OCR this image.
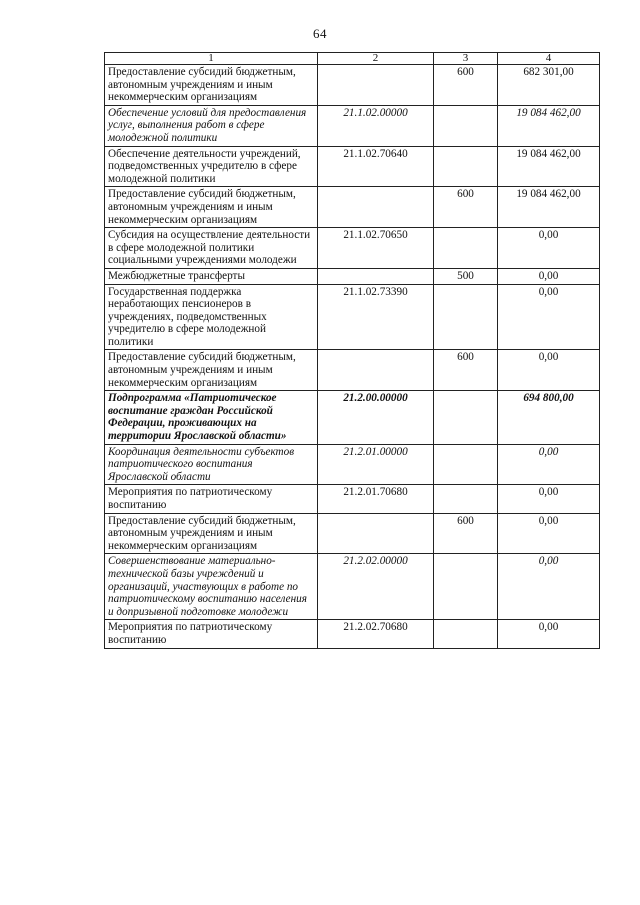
64
1	2	3	4
Предоставление субсидий бюджетным, автономным учреждениям и иным некоммерческим организациям		600	682 301,00
Обеспечение условий для предоставления услуг, выполнения работ в сфере молодежной политики	21.1.02.00000		19 084 462,00
Обеспечение деятельности учреждений, подведомственных учредителю в сфере молодежной политики	21.1.02.70640		19 084 462,00
Предоставление субсидий бюджетным, автономным учреждениям и иным некоммерческим организациям		600	19 084 462,00
Субсидия на осуществление деятельности в сфере молодежной политики социальными учреждениями молодежи	21.1.02.70650		0,00
Межбюджетные трансферты		500	0,00
Государственная поддержка неработающих пенсионеров в учреждениях, подведомственных учредителю в сфере молодежной политики	21.1.02.73390		0,00
Предоставление субсидий бюджетным, автономным учреждениям и иным некоммерческим организациям		600	0,00
Подпрограмма «Патриотическое воспитание граждан Российской Федерации, проживающих на территории Ярославской области»	21.2.00.00000		694 800,00
Координация деятельности субъектов патриотического воспитания Ярославской области	21.2.01.00000		0,00
Мероприятия по патриотическому воспитанию	21.2.01.70680		0,00
Предоставление субсидий бюджетным, автономным учреждениям и иным некоммерческим организациям		600	0,00
Совершенствование материально-технической базы учреждений и организаций, участвующих в работе по патриотическому воспитанию населения и допризывной подготовке молодежи	21.2.02.00000		0,00
Мероприятия по патриотическому воспитанию	21.2.02.70680		0,00
